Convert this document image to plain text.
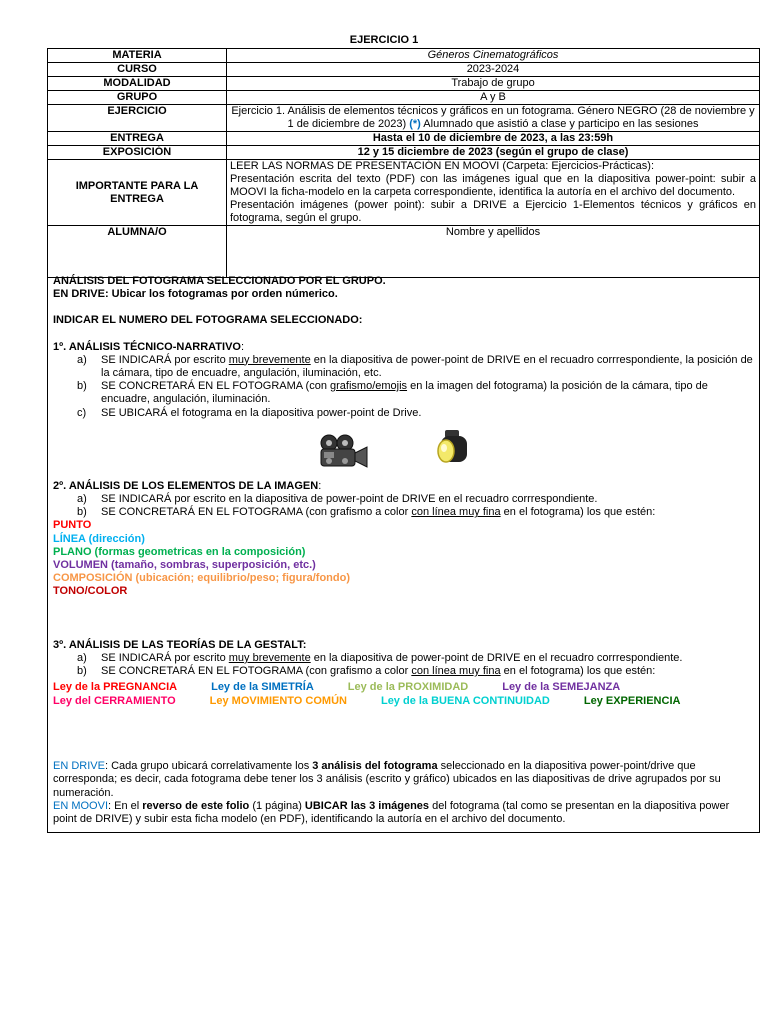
EJERCICIO 1
MATERIA	Géneros Cinematográficos
CURSO	2023-2024
MODALIDAD	Trabajo de grupo
GRUPO	A y B
EJERCICIO	Ejercicio 1. Análisis de elementos técnicos y gráficos en un fotograma. Género NEGRO (28 de noviembre y 1 de diciembre de 2023) (*) Alumnado que asistió a clase y participo en las sesiones
ENTREGA	Hasta el 10 de diciembre de 2023, a las 23:59h
EXPOSICIÓN	12 y 15 diciembre de 2023 (según el grupo de clase)
IMPORTANTE PARA LA ENTREGA	LEER LAS NORMAS DE PRESENTACIÓN EN MOOVI (Carpeta: Ejercicios-Prácticas):
Presentación escrita del texto (PDF) con las imágenes igual que en la diapositiva power-point: subir a MOOVI la ficha-modelo en la carpeta correspondiente, identifica la autoría en el archivo del documento.
Presentación imágenes (power point): subir a DRIVE a Ejercicio 1-Elementos técnicos y gráficos en fotograma, según el grupo.

ALUMNA/O	Nombre y apellidos

ANÁLISIS DEL FOTOGRAMA SELECCIONADO POR EL GRUPO.

EN DRIVE: Ubicar los fotogramas por orden númerico.

INDICAR EL NUMERO DEL FOTOGRAMA SELECCIONADO:

1º. ANÁLISIS TÉCNICO-NARRATIVO:

a)	SE INDICARÁ por escrito muy brevemente en la diapositiva de power-point de DRIVE en el recuadro corrrespondiente, la posición de la cámara, tipo de encuadre, angulación, iluminación, etc.
b)	SE CONCRETARÁ EN EL FOTOGRAMA (con grafismo/emojis en la imagen del fotograma) la posición de la cámara, tipo de encuadre, angulación, iluminación.
c)	SE UBICARÁ el fotograma en la diapositiva power-point de Drive.

2º. ANÁLISIS DE LOS ELEMENTOS DE LA IMAGEN:

a)	SE INDICARÁ por escrito en la diapositiva de power-point de DRIVE en el recuadro corrrespondiente.
b)	SE CONCRETARÁ EN EL FOTOGRAMA (con grafismo a color con línea muy fina en el fotograma) los que estén:
PUNTO
LÍNEA (dirección)
PLANO (formas geometricas en la composición)
VOLUMEN (tamaño, sombras, superposición, etc.)
COMPOSICIÓN (ubicación; equilibrio/peso; figura/fondo)
TONO/COLOR

3º. ANÁLISIS DE LAS TEORÍAS DE LA GESTALT:

a)	SE INDICARÁ por escrito muy brevemente en la diapositiva de power-point de DRIVE en el recuadro corrrespondiente.
b)	SE CONCRETARÁ EN EL FOTOGRAMA (con grafismo a color con línea muy fina en el fotograma) los que estén:
Ley de la PREGNANCIA	Ley de la SIMETRÍA	Ley de la PROXIMIDAD	Ley de la SEMEJANZA
Ley del CERRAMIENTO	Ley MOVIMIENTO COMÚN	Ley de la BUENA CONTINUIDAD	Ley EXPERIENCIA

EN DRIVE: Cada grupo ubicará correlativamente los 3 análisis del fotograma seleccionado en la diapositiva power-point/drive que corresponda; es decir, cada fotograma debe tener los 3 análisis (escrito y gráfico) ubicados en las diapositivas de drive agrupados por su numeración.

EN MOOVI: En el reverso de este folio (1 página) UBICAR las 3 imágenes del fotograma (tal como se presentan en la diapositiva power point de DRIVE) y subir esta ficha modelo (en PDF), identificando la autoría en el archivo del documento.
